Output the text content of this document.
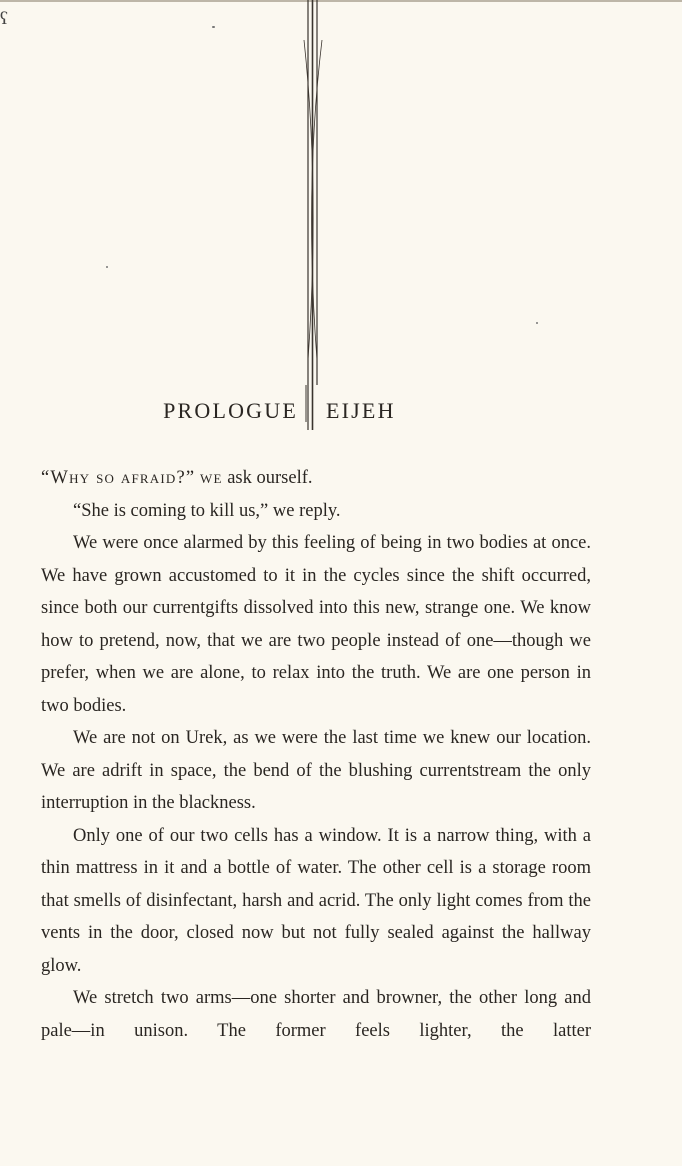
ʕ
PROLOGUE EIJEH

“Why so afraid?” we ask ourself.

“She is coming to kill us,” we reply.

We were once alarmed by this feeling of being in two bodies at once. We have grown accustomed to it in the cycles since the shift occurred, since both our currentgifts dissolved into this new, strange one. We know how to pretend, now, that we are two people instead of one—though we prefer, when we are alone, to relax into the truth. We are one person in two bodies.

We are not on Urek, as we were the last time we knew our location. We are adrift in space, the bend of the blushing currentstream the only interruption in the blackness.

Only one of our two cells has a window. It is a narrow thing, with a thin mattress in it and a bottle of water. The other cell is a storage room that smells of disinfectant, harsh and acrid. The only light comes from the vents in the door, closed now but not fully sealed against the hallway glow.

We stretch two arms—one shorter and browner, the other long and pale—in unison. The former feels lighter, the latter
